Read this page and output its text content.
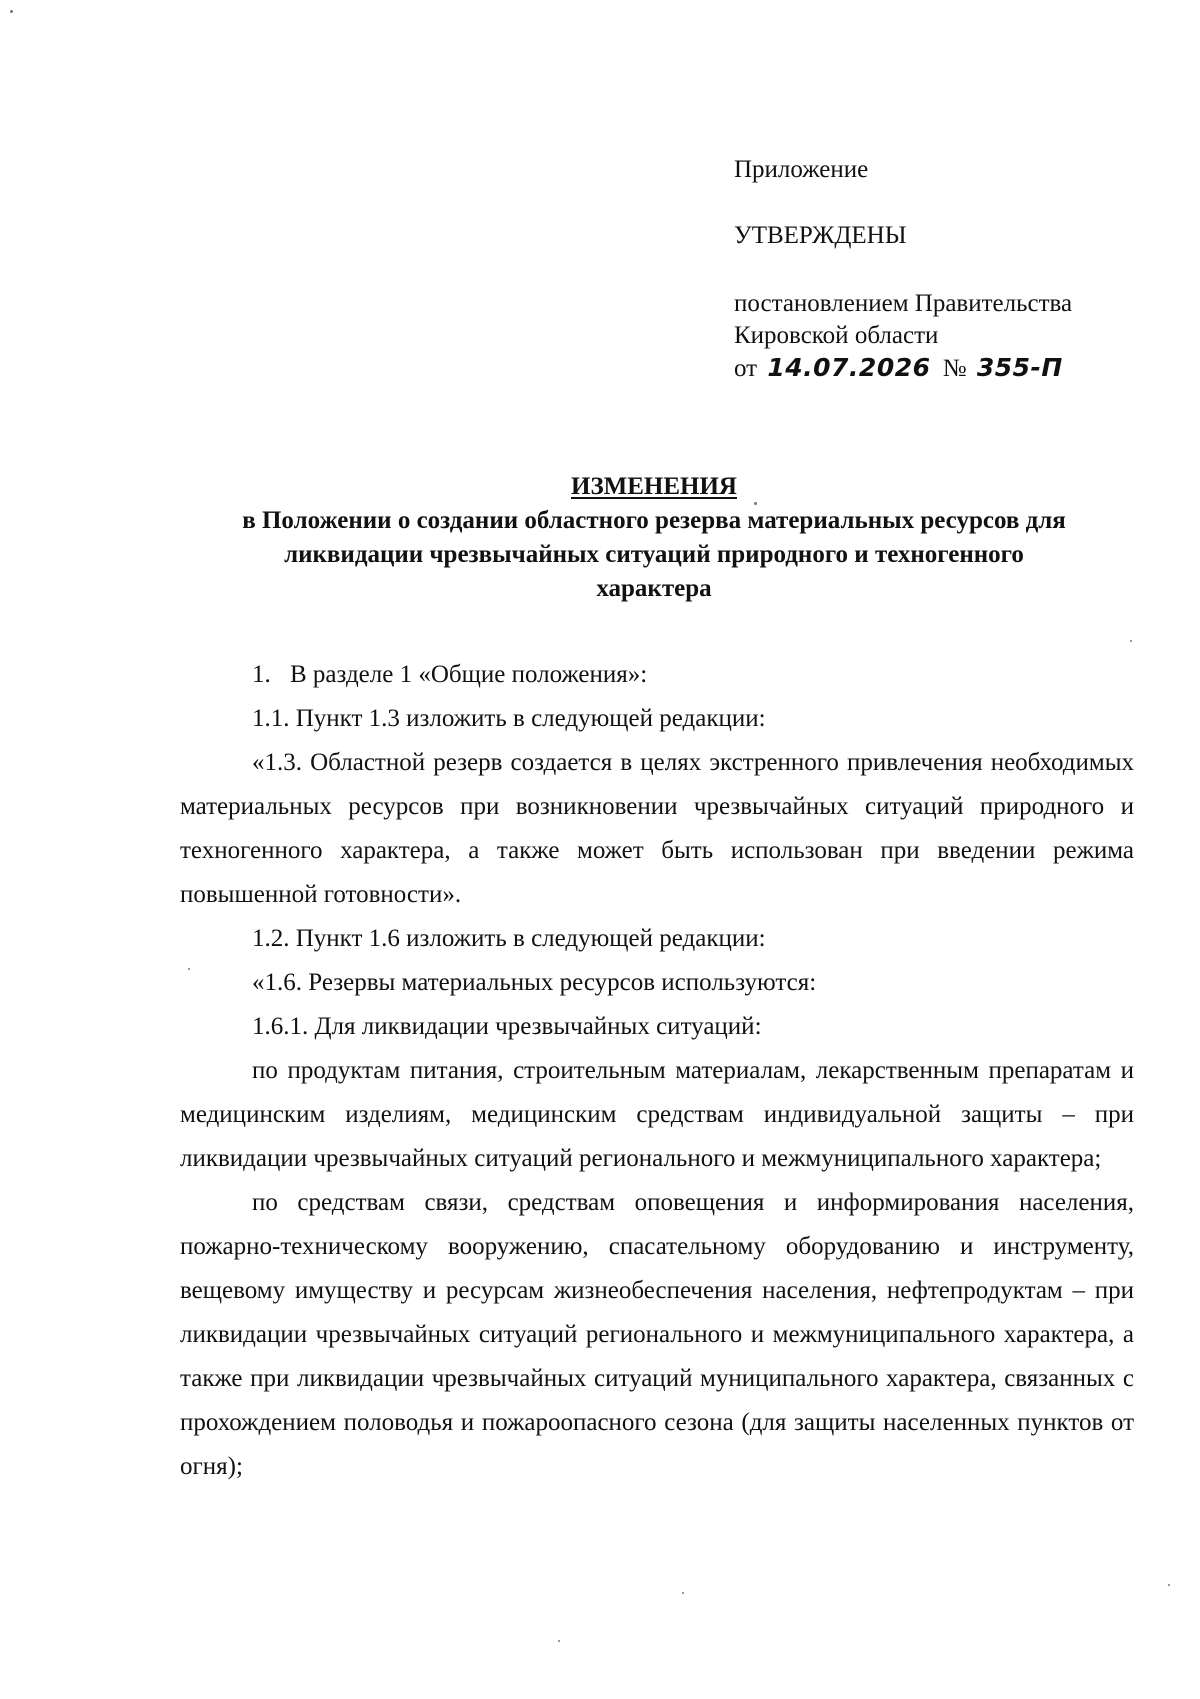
Приложение
УТВЕРЖДЕНЫ
постановлением Правительства
Кировской области
от 14.07.2026 № 355-П
ИЗМЕНЕНИЯ
в Положении о создании областного резерва материальных ресурсов для
ликвидации чрезвычайных ситуаций природного и техногенного
характера

1. В разделе 1 «Общие положения»:

1.1. Пункт 1.3 изложить в следующей редакции:

«1.3. Областной резерв создается в целях экстренного привлечения необходимых материальных ресурсов при возникновении чрезвычайных ситуаций природного и техногенного характера, а также может быть использован при введении режима повышенной готовности».

1.2. Пункт 1.6 изложить в следующей редакции:

«1.6. Резервы материальных ресурсов используются:

1.6.1. Для ликвидации чрезвычайных ситуаций:

по продуктам питания, строительным материалам, лекарственным препаратам и медицинским изделиям, медицинским средствам индивидуальной защиты – при ликвидации чрезвычайных ситуаций регионального и межмуниципального характера;

по средствам связи, средствам оповещения и информирования населения, пожарно-техническому вооружению, спасательному оборудованию и инструменту, вещевому имуществу и ресурсам жизнеобеспечения населения, нефтепродуктам – при ликвидации чрезвычайных ситуаций регионального и межмуниципального характера, а также при ликвидации чрезвычайных ситуаций муниципального характера, связанных с прохождением половодья и пожароопасного сезона (для защиты населенных пунктов от огня);
